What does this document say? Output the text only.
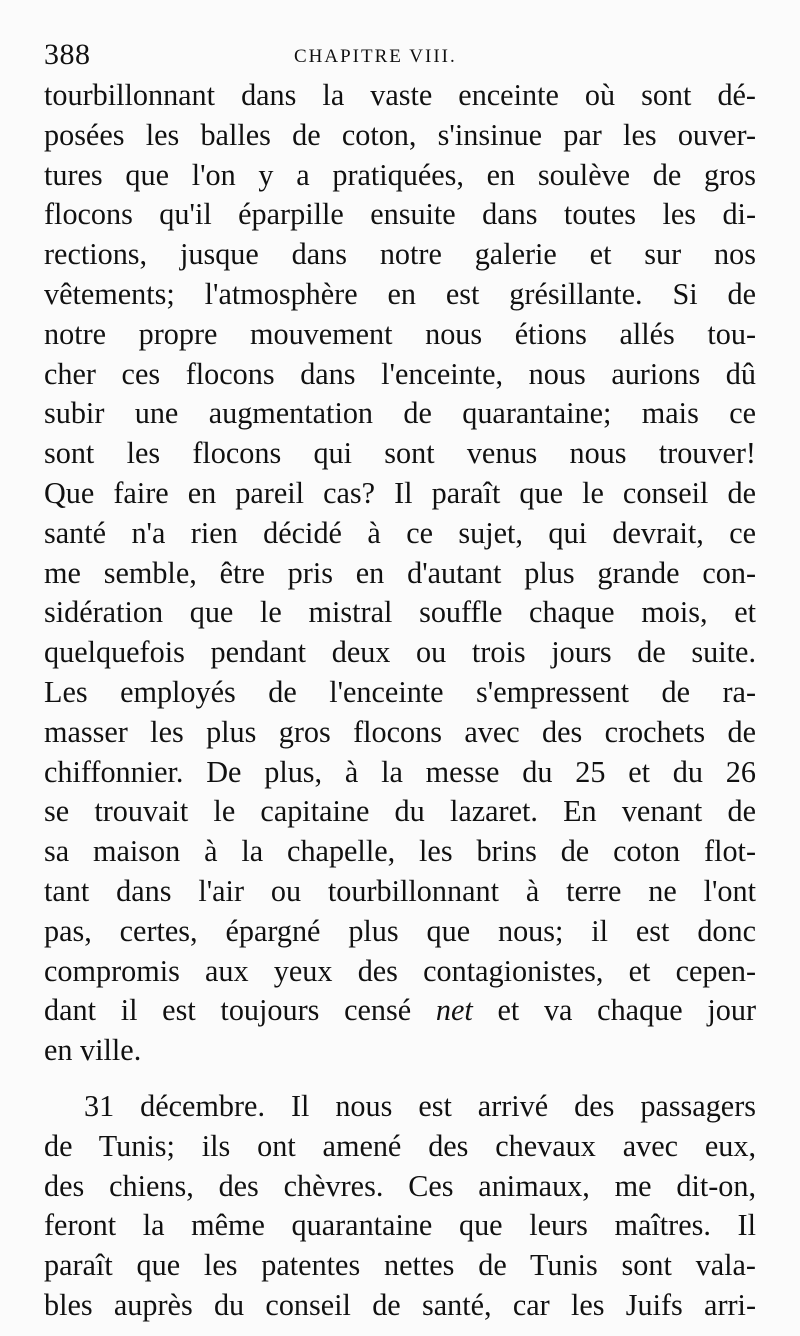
388	CHAPITRE VIII.
tourbillonnant dans la vaste enceinte où sont dé-
posées les balles de coton, s'insinue par les ouver-
tures que l'on y a pratiquées, en soulève de gros
flocons qu'il éparpille ensuite dans toutes les di-
rections, jusque dans notre galerie et sur nos
vêtements; l'atmosphère en est grésillante. Si de
notre propre mouvement nous étions allés tou-
cher ces flocons dans l'enceinte, nous aurions dû
subir une augmentation de quarantaine; mais ce
sont les flocons qui sont venus nous trouver!
Que faire en pareil cas? Il paraît que le conseil de
santé n'a rien décidé à ce sujet, qui devrait, ce
me semble, être pris en d'autant plus grande con-
sidération que le mistral souffle chaque mois, et
quelquefois pendant deux ou trois jours de suite.
Les employés de l'enceinte s'empressent de ra-
masser les plus gros flocons avec des crochets de
chiffonnier. De plus, à la messe du 25 et du 26
se trouvait le capitaine du lazaret. En venant de
sa maison à la chapelle, les brins de coton flot-
tant dans l'air ou tourbillonnant à terre ne l'ont
pas, certes, épargné plus que nous; il est donc
compromis aux yeux des contagionistes, et cepen-
dant il est toujours censé net et va chaque jour
en ville.
31 décembre. Il nous est arrivé des passagers
de Tunis; ils ont amené des chevaux avec eux,
des chiens, des chèvres. Ces animaux, me dit-on,
feront la même quarantaine que leurs maîtres. Il
paraît que les patentes nettes de Tunis sont vala-
bles auprès du conseil de santé, car les Juifs arri-
